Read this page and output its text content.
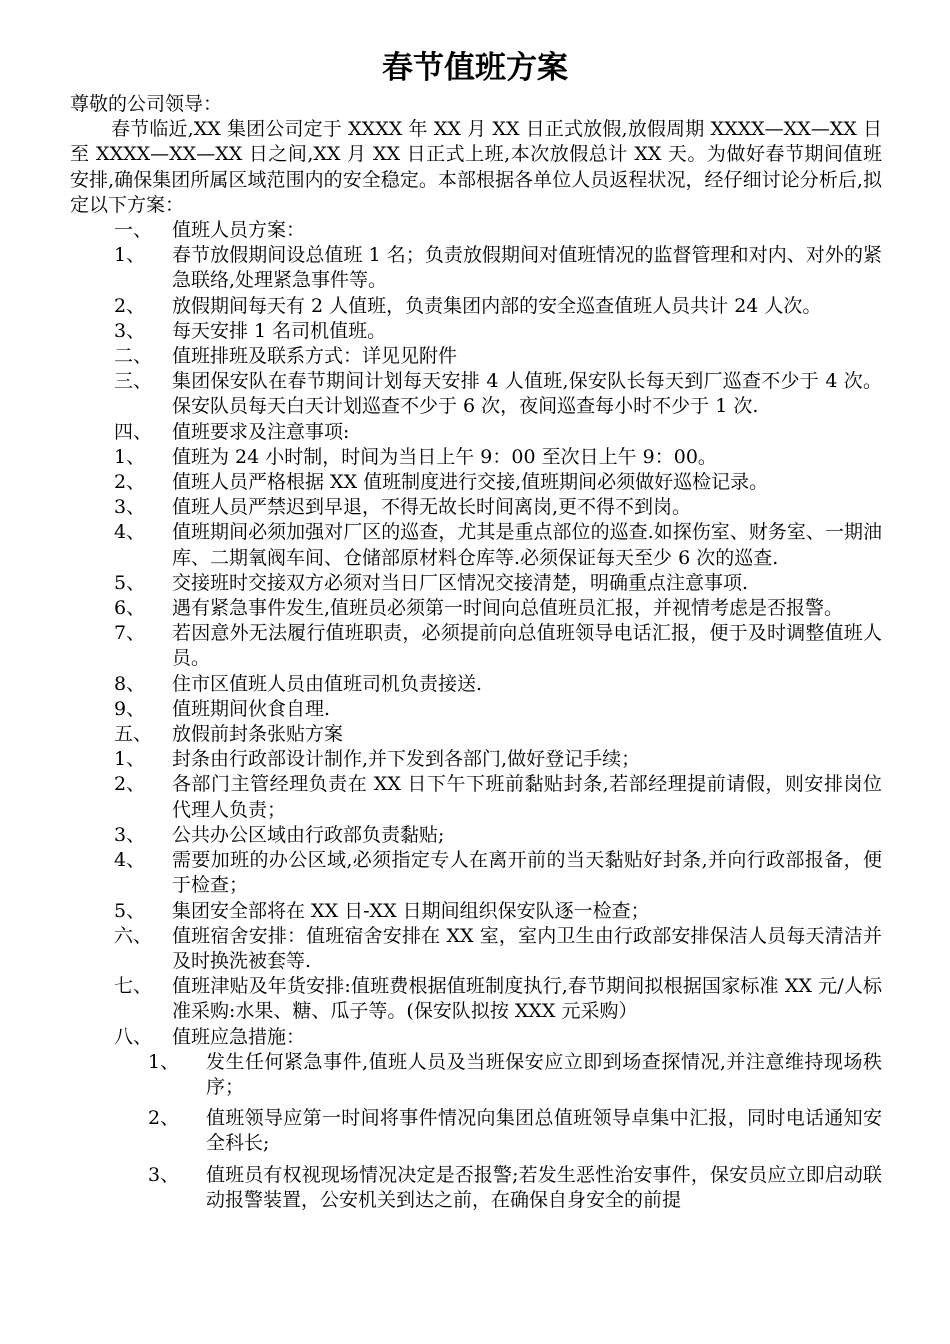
春节值班方案
尊敬的公司领导：
春节临近,XX 集团公司定于 XXXX 年 XX 月 XX 日正式放假,放假周期 XXXX—XX—XX 日至 XXXX—XX—XX 日之间,XX 月 XX 日正式上班,本次放假总计 XX 天。为做好春节期间值班安排,确保集团所属区域范围内的安全稳定。本部根据各单位人员返程状况，经仔细讨论分析后,拟定以下方案：
一、	值班人员方案：
1、	春节放假期间设总值班 1 名；负责放假期间对值班情况的监督管理和对内、对外的紧急联络,处理紧急事件等。
2、	放假期间每天有 2 人值班，负责集团内部的安全巡查值班人员共计 24 人次。
3、	每天安排 1 名司机值班。
二、	值班排班及联系方式：详见见附件
三、	集团保安队在春节期间计划每天安排 4 人值班,保安队长每天到厂巡查不少于 4 次。保安队员每天白天计划巡查不少于 6 次，夜间巡查每小时不少于 1 次.
四、	值班要求及注意事项:
1、	值班为 24 小时制，时间为当日上午 9：00 至次日上午 9：00。
2、	值班人员严格根据 XX 值班制度进行交接,值班期间必须做好巡检记录。
3、	值班人员严禁迟到早退，不得无故长时间离岗,更不得不到岗。
4、	值班期间必须加强对厂区的巡查，尤其是重点部位的巡查.如探伤室、财务室、一期油库、二期氧阀车间、仓储部原材料仓库等.必须保证每天至少 6 次的巡查.
5、	交接班时交接双方必须对当日厂区情况交接清楚，明确重点注意事项.
6、	遇有紧急事件发生,值班员必须第一时间向总值班员汇报，并视情考虑是否报警。
7、	若因意外无法履行值班职责，必须提前向总值班领导电话汇报，便于及时调整值班人员。
8、	住市区值班人员由值班司机负责接送.
9、	值班期间伙食自理.
五、	放假前封条张贴方案
1、	封条由行政部设计制作,并下发到各部门,做好登记手续；
2、	各部门主管经理负责在 XX 日下午下班前黏贴封条,若部经理提前请假，则安排岗位代理人负责；
3、	公共办公区域由行政部负责黏贴;
4、	需要加班的办公区域,必须指定专人在离开前的当天黏贴好封条,并向行政部报备，便于检查；
5、	集团安全部将在 XX 日-XX 日期间组织保安队逐一检查；
六、	值班宿舍安排：值班宿舍安排在 XX 室，室内卫生由行政部安排保洁人员每天清洁并及时换洗被套等.
七、	值班津贴及年货安排:值班费根据值班制度执行,春节期间拟根据国家标准 XX 元/人标准采购:水果、糖、瓜子等。(保安队拟按 XXX 元采购）
八、	值班应急措施：
1、	发生任何紧急事件,值班人员及当班保安应立即到场查探情况,并注意维持现场秩序；
2、	值班领导应第一时间将事件情况向集团总值班领导卓集中汇报，同时电话通知安全科长;
3、	值班员有权视现场情况决定是否报警;若发生恶性治安事件，保安员应立即启动联动报警装置，公安机关到达之前，在确保自身安全的前提
